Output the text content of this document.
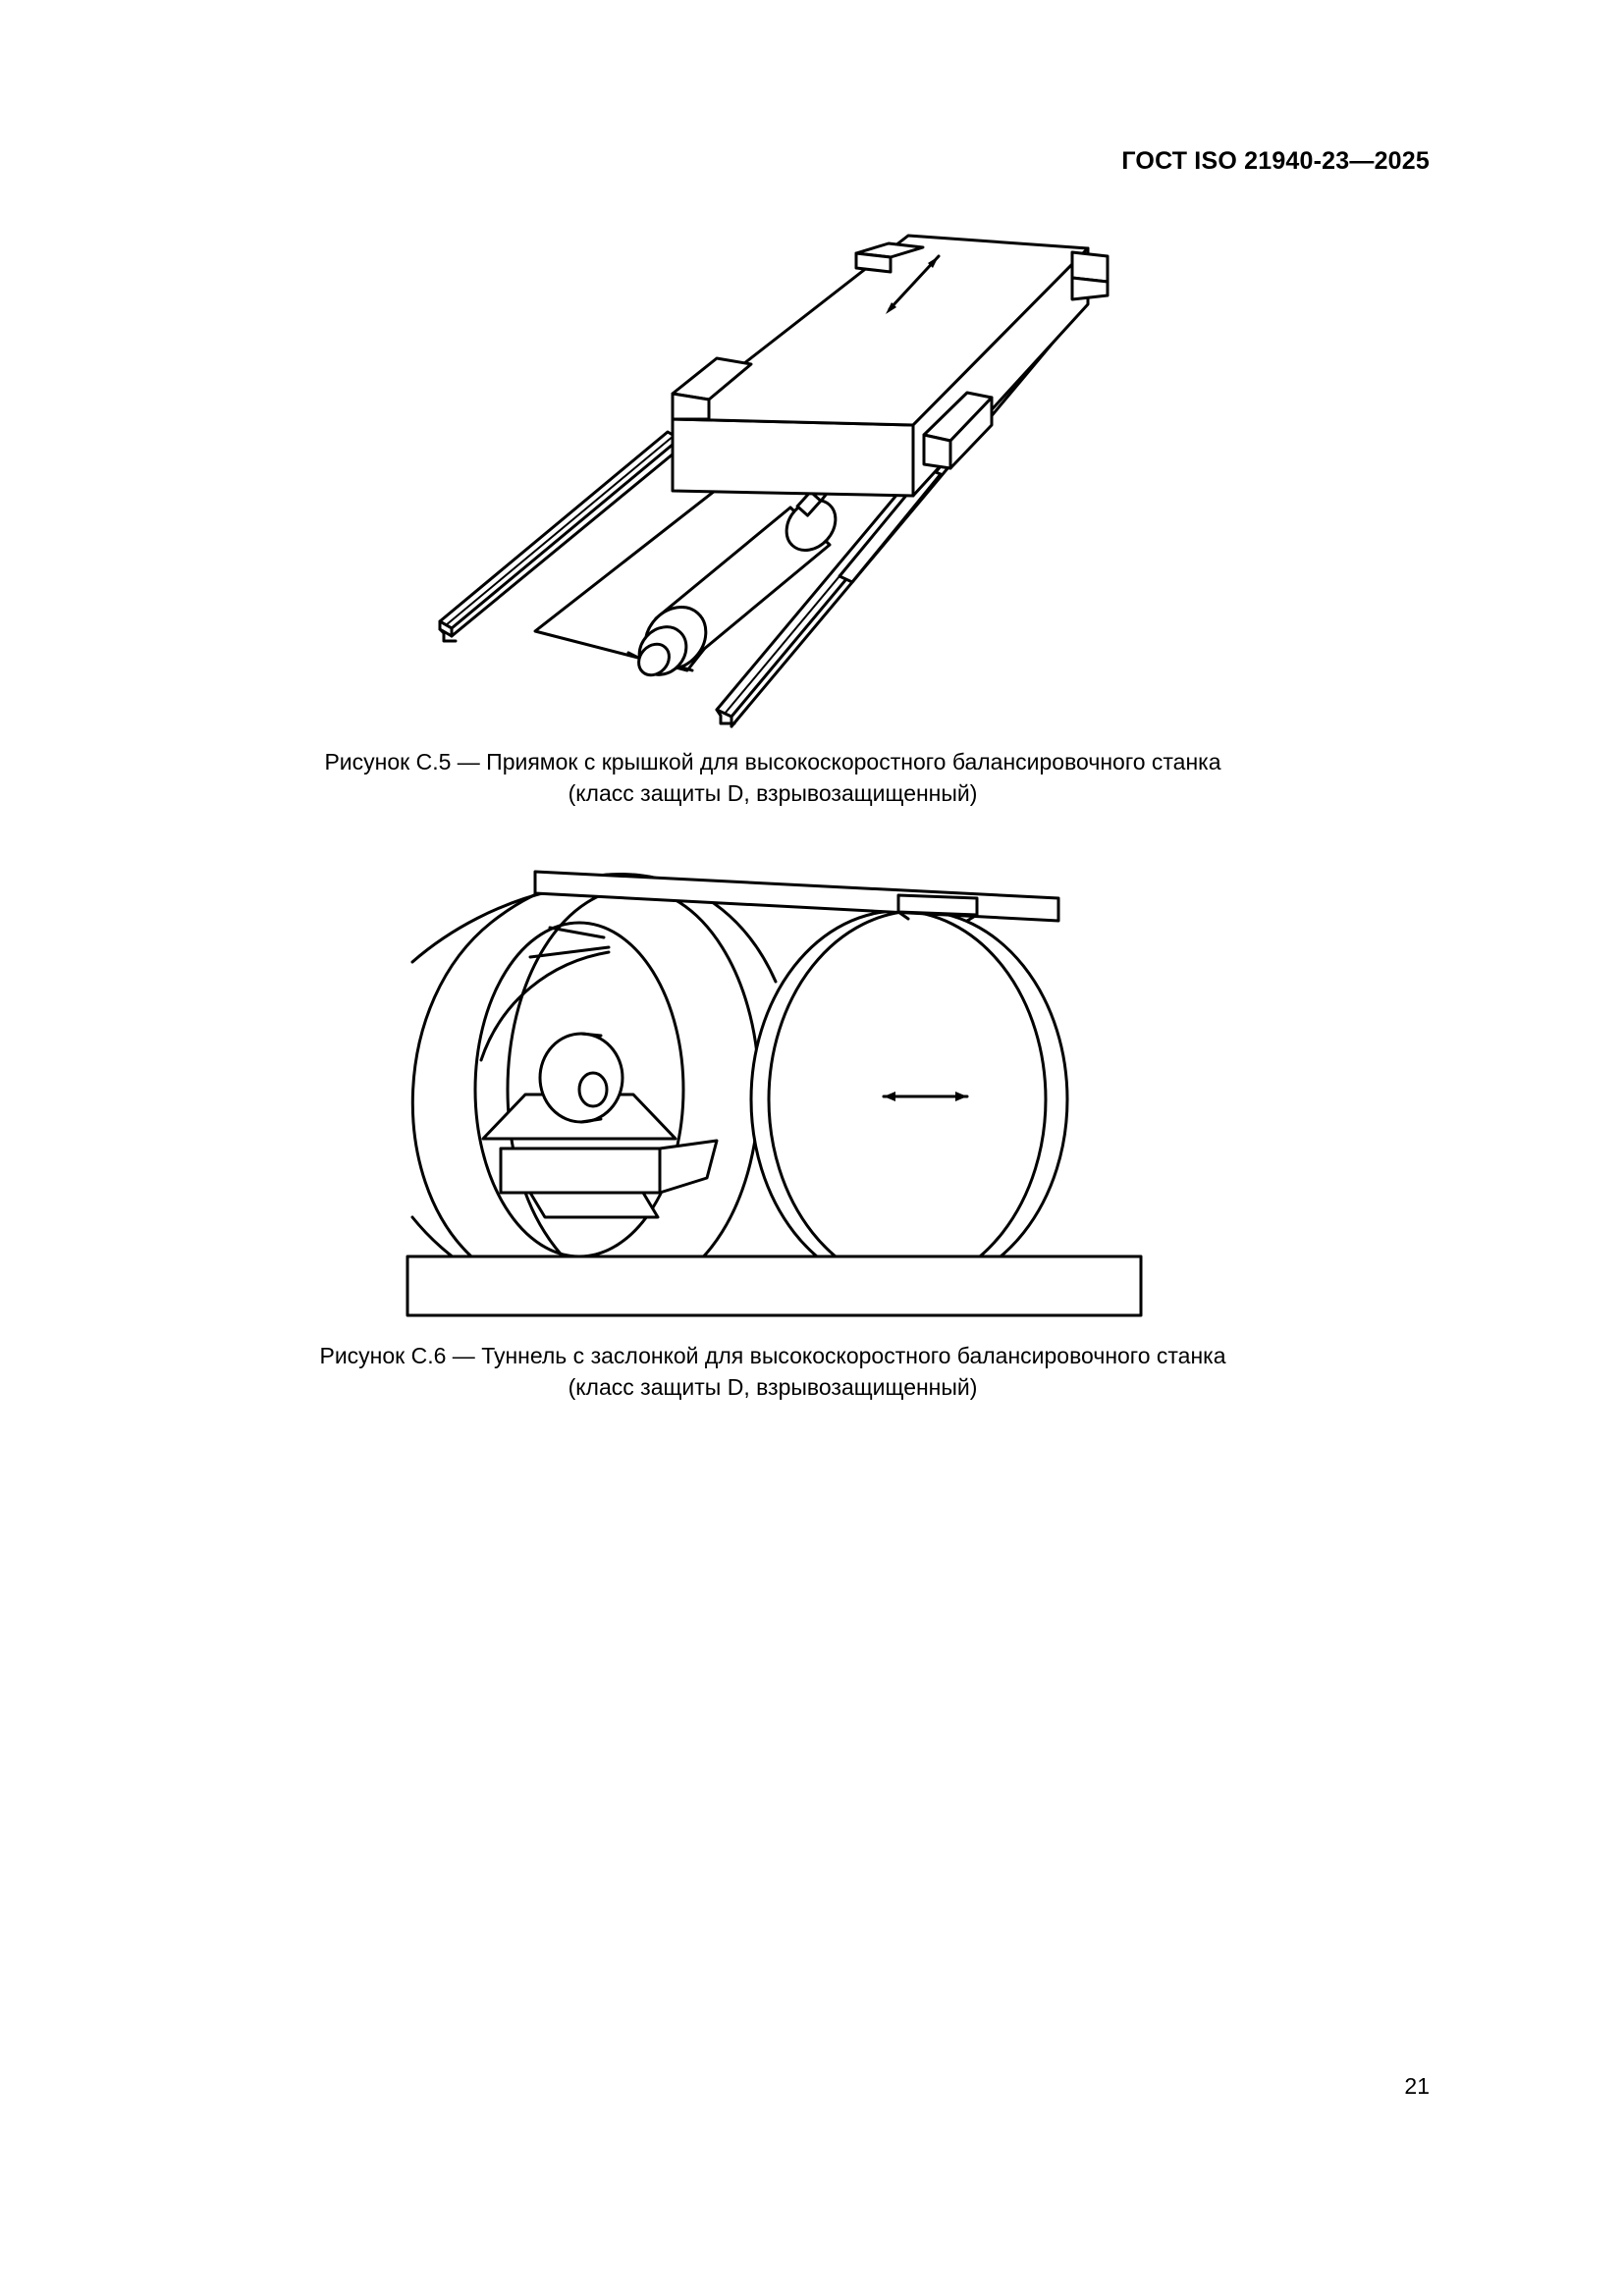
ГОСТ ISO 21940-23—2025
Рисунок С.5 — Приямок с крышкой для высокоскоростного балансировочного станка
(класс защиты D, взрывозащищенный)
Рисунок С.6 — Туннель с заслонкой для высокоскоростного балансировочного станка
(класс защиты D, взрывозащищенный)
21
